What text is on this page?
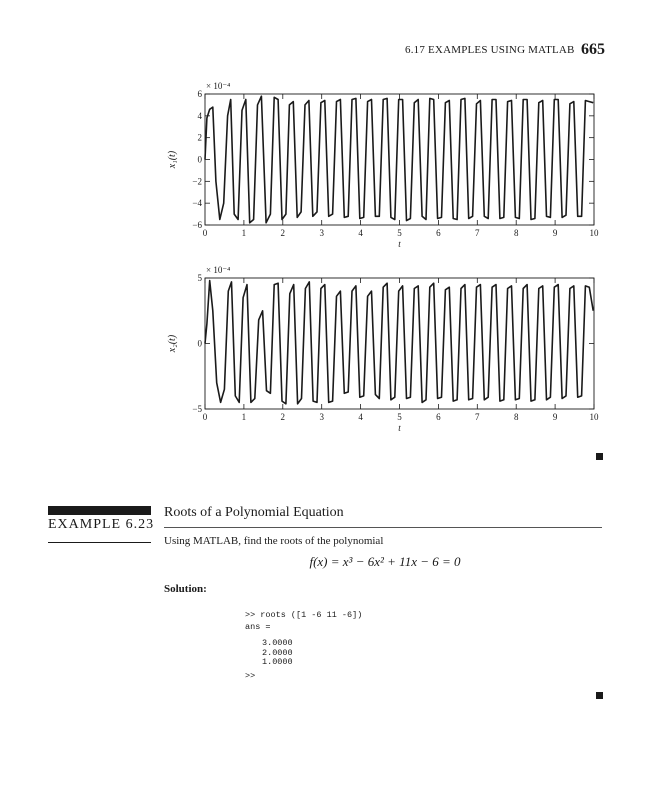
6.17 EXAMPLES USING MATLAB 665
0	1	2	3	4	5	6	7	8	9	10
6
4
2
0
−2
−4
−6
× 10⁻⁴
t
x₁(t)
0	1	2	3	4	5	6	7	8	9	10
5
0
−5
× 10⁻⁴
t
x₂(t)
EXAMPLE 6.23
Roots of a Polynomial Equation
Using MATLAB, find the roots of the polynomial
f(x) = x³ − 6x² + 11x − 6 = 0
Solution:
>> roots ([1 -6 11 -6])
ans =
3.0000
2.0000
1.0000
>>
